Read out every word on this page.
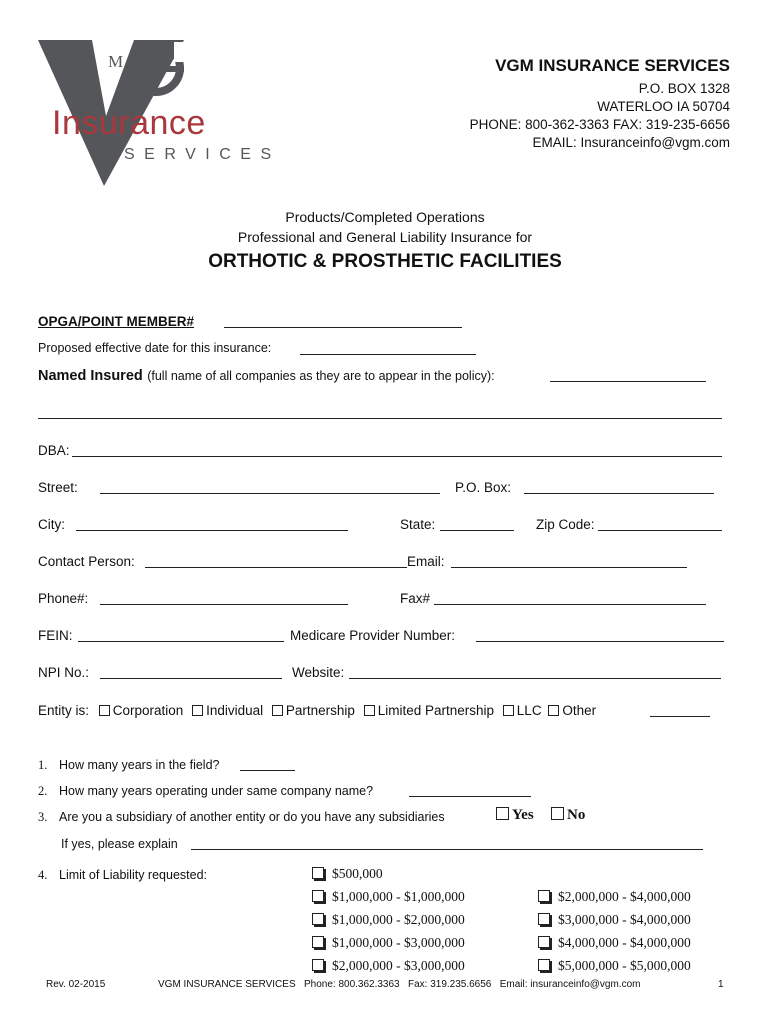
M
Insurance
SERVICES
VGM INSURANCE SERVICES
P.O. BOX 1328
WATERLOO IA 50704
PHONE: 800-362-3363 FAX: 319-235-6656
EMAIL: Insuranceinfo@vgm.com
Products/Completed Operations
Professional and General Liability Insurance for
ORTHOTIC & PROSTHETIC FACILITIES
OPGA/POINT MEMBER#
Proposed effective date for this insurance:
Named Insured (full name of all companies as they are to appear in the policy):
DBA:
Street:	P.O. Box:
City:	State:	Zip Code:
Contact Person:	Email:
Phone#:	Fax#
FEIN:	Medicare Provider Number:
NPI No.:	Website:
Entity is: Corporation Individual Partnership Limited Partnership LLC Other
1. How many years in the field?
2. How many years operating under same company name?
3. Are you a subsidiary of another entity or do you have any subsidiaries	Yes	No
If yes, please explain
4. Limit of Liability requested:	$500,000
$1,000,000 - $1,000,000
$1,000,000 - $2,000,000
$1,000,000 - $3,000,000
$2,000,000 - $3,000,000
$2,000,000 - $4,000,000
$3,000,000 - $4,000,000
$4,000,000 - $4,000,000
$5,000,000 - $5,000,000
Rev. 02-2015	VGM INSURANCE SERVICES Phone: 800.362.3363 Fax: 319.235.6656 Email: insuranceinfo@vgm.com	1
